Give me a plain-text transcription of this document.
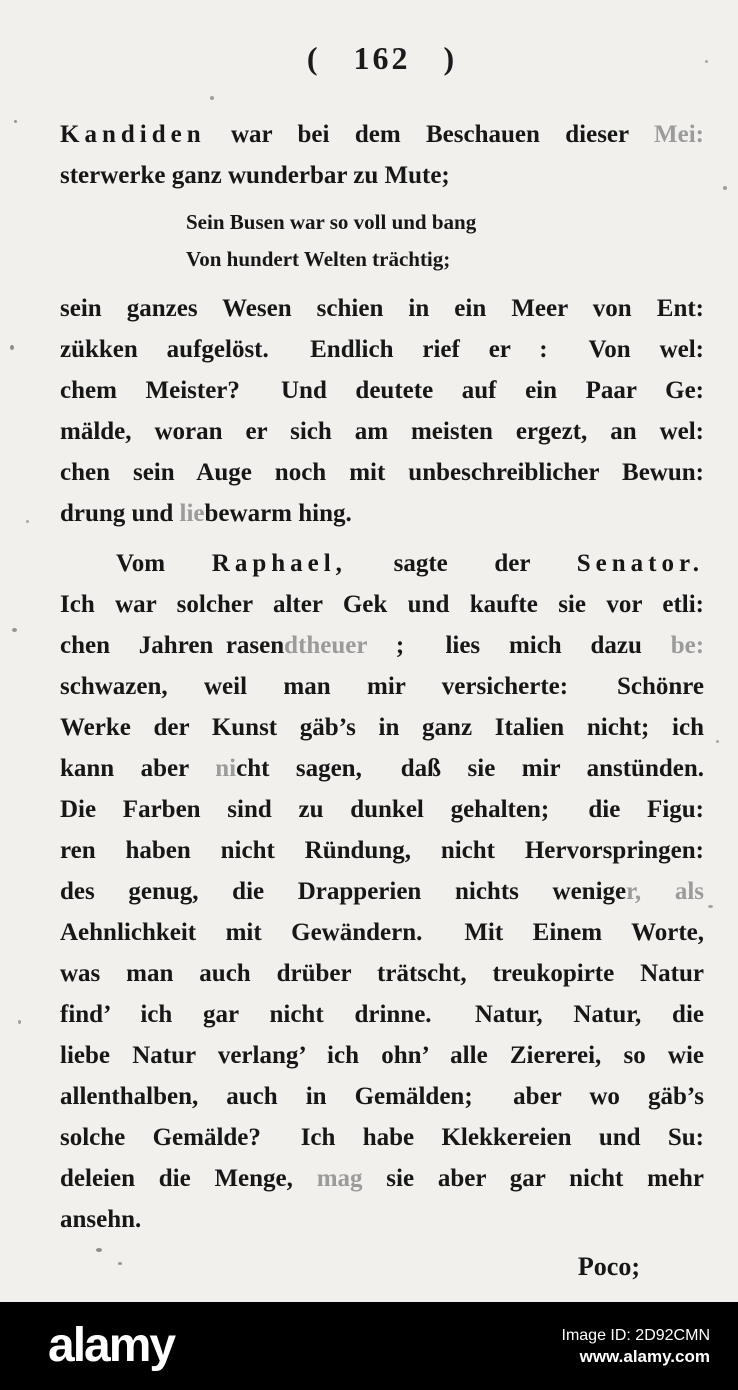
( 162 )
Kandiden war bei dem Beschauen dieser Mei:
sterwerke ganz wunderbar zu Mute;
Sein Busen war so voll und bang
Von hundert Welten trächtig;
sein ganzes Wesen schien in ein Meer von Ent:
zükken aufgelöst.  Endlich rief er :  Von wel:
chem Meister?  Und deutete auf ein Paar Ge:
mälde, woran er sich am meisten ergezt, an wel:
chen sein Auge noch mit unbeschreiblicher Bewun:
drung und liebewarm hing.
Vom Raphael, sagte der Senator.
Ich war solcher alter Gek und kaufte sie vor etli:
chen Jahren rasendtheuer ;  lies mich dazu be:
schwazen, weil man mir versicherte:  Schönre
Werke der Kunst gäb’s in ganz Italien nicht; ich
kann aber nicht sagen,  daß sie mir anstünden.
Die Farben sind zu dunkel gehalten;  die Figu:
ren haben nicht Ründung, nicht Hervorspringen:
des genug, die Drapperien nichts weniger, als
Aehnlichkeit mit Gewändern.  Mit Einem Worte,
was man auch drüber trätscht, treukopirte Natur
find’ ich gar nicht drinne.  Natur, Natur, die
liebe Natur verlang’ ich ohn’ alle Ziererei, so wie
allenthalben, auch in Gemälden;  aber wo gäb’s
solche Gemälde?  Ich habe Klekkereien und Su:
deleien die Menge, mag sie aber gar nicht mehr
ansehn.
Poco;
alamy	Image ID: 2D92CMN
www.alamy.com
